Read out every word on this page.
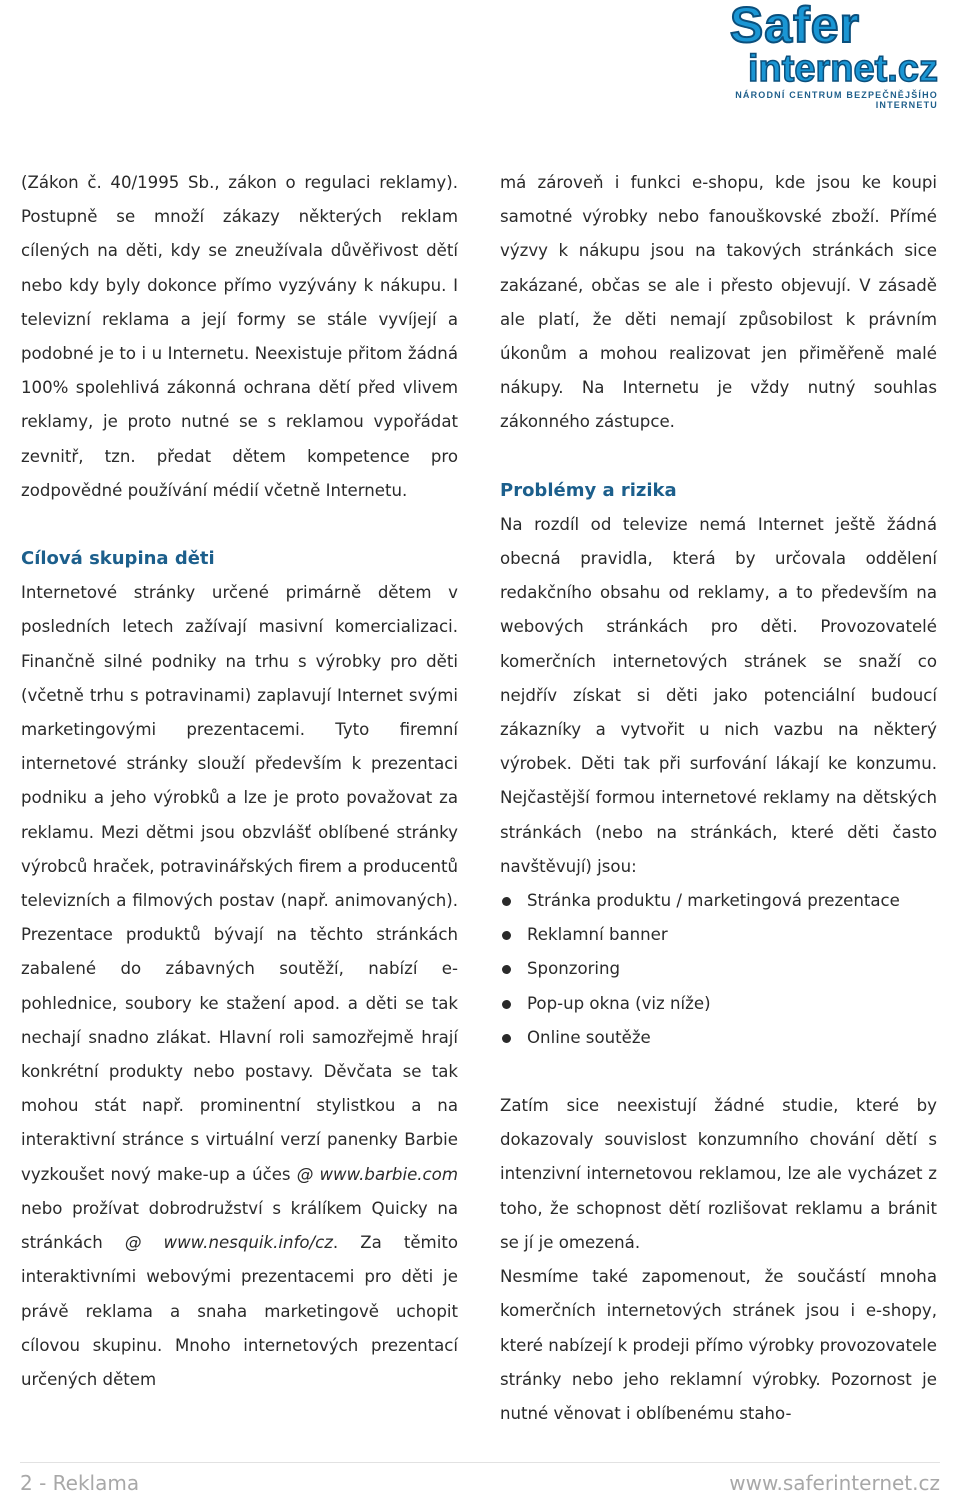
Safer
internet.cz
NÁRODNÍ CENTRUM BEZPEČNĚJŠÍHO INTERNETU

(Zákon č. 40/1995 Sb., zákon o regulaci reklamy). Postupně se množí zákazy některých reklam cílených na děti, kdy se zneužívala důvěřivost dětí nebo kdy byly dokonce přímo vyzývány k nákupu. I televizní reklama a její formy se stále vyvíjejí a podobné je to i u Internetu. Neexistuje přitom žádná 100% spolehlivá zákonná ochrana dětí před vlivem reklamy, je proto nutné se s reklamou vypořádat zevnitř, tzn. předat dětem kompetence pro zodpovědné používání médií včetně Internetu.

Cílová skupina děti

Internetové stránky určené primárně dětem v posledních letech zažívají masivní komercializaci. Finančně silné podniky na trhu s výrobky pro děti (včetně trhu s potravinami) zaplavují Internet svými marketingovými prezentacemi. Tyto firemní internetové stránky slouží především k prezentaci podniku a jeho výrobků a lze je proto považovat za reklamu. Mezi dětmi jsou obzvlášť oblíbené stránky výrobců hraček, potravinářských firem a producentů televizních a filmových postav (např. animovaných). Prezentace produktů bývají na těchto stránkách zabalené do zábavných soutěží, nabízí e-pohlednice, soubory ke stažení apod. a děti se tak nechají snadno zlákat. Hlavní roli samozřejmě hrají konkrétní produkty nebo postavy. Děvčata se tak mohou stát např. prominentní stylistkou a na interaktivní stránce s virtuální verzí panenky Barbie vyzkoušet nový make-up a účes @ www.barbie.com nebo prožívat dobrodružství s králíkem Quicky na stránkách @ www.nesquik.info/cz. Za těmito interaktivními webovými prezentacemi pro děti je právě reklama a snaha marketingově uchopit cílovou skupinu. Mnoho internetových prezentací určených dětem

má zároveň i funkci e-shopu, kde jsou ke koupi samotné výrobky nebo fanouškovské zboží. Přímé výzvy k nákupu jsou na takových stránkách sice zakázané, občas se ale i přesto objevují. V zásadě ale platí, že děti nemají způsobilost k právním úkonům a mohou realizovat jen přiměřeně malé nákupy. Na Internetu je vždy nutný souhlas zákonného zástupce.

Problémy a rizika

Na rozdíl od televize nemá Internet ještě žádná obecná pravidla, která by určovala oddělení redakčního obsahu od reklamy, a to především na webových stránkách pro děti. Provozovatelé komerčních internetových stránek se snaží co nejdřív získat si děti jako potenciální budoucí zákazníky a vytvořit u nich vazbu na některý výrobek. Děti tak při surfování lákají ke konzumu. Nejčastější formou internetové reklamy na dětských stránkách (nebo na stránkách, které děti často navštěvují) jsou:

Stránka produktu / marketingová prezentace
Reklamní banner
Sponzoring
Pop-up okna (viz níže)
Online soutěže

Zatím sice neexistují žádné studie, které by dokazovaly souvislost konzumního chování dětí s intenzivní internetovou reklamou, lze ale vycházet z toho, že schopnost dětí rozlišovat reklamu a bránit se jí je omezená.

Nesmíme také zapomenout, že součástí mnoha komerčních internetových stránek jsou i e-shopy, které nabízejí k prodeji přímo výrobky provozovatele stránky nebo jeho reklamní výrobky. Pozornost je nutné věnovat i oblíbenému staho-

2 - Reklama	www.saferinternet.cz
